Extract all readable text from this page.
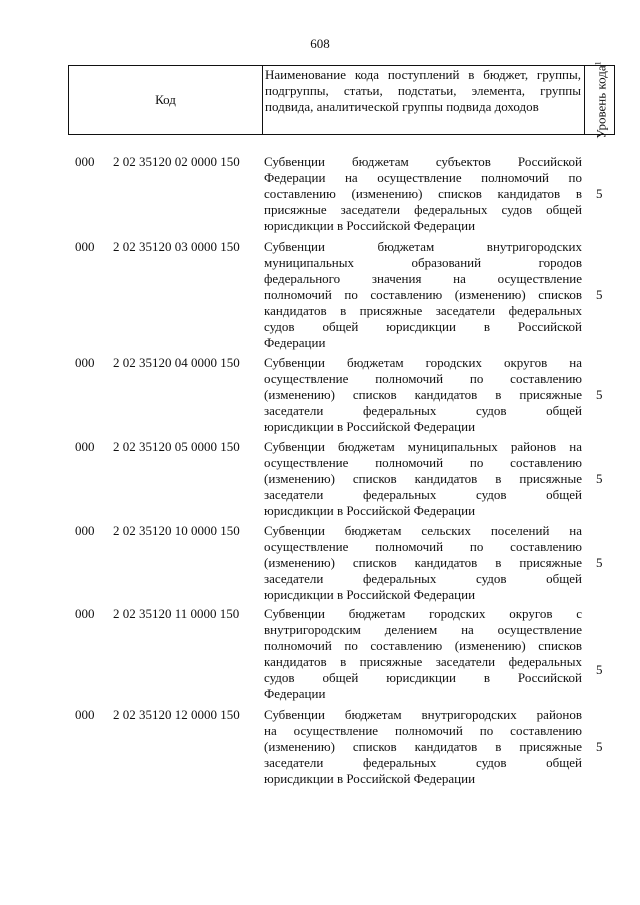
608
Код
Наименование кода поступлений в бюджет, группы, подгруппы, статьи, подстатьи, элемента, группы подвида, аналитической группы подвида доходов	Уровень кода$^1$
000 2 02 35120 02 0000 150 Субвенции бюджетам субъектов Российской
Федерации на осуществление полномочий по
составлению (изменению) списков кандидатов в
присяжные заседатели федеральных судов общей
юрисдикции в Российской Федерации
5
000 2 02 35120 03 0000 150 Субвенции бюджетам внутригородских
муниципальных образований городов
федерального значения на осуществление
полномочий по составлению (изменению) списков
кандидатов в присяжные заседатели федеральных
судов общей юрисдикции в Российской
Федерации
5
000 2 02 35120 04 0000 150 Субвенции бюджетам городских округов на
осуществление полномочий по составлению
(изменению) списков кандидатов в присяжные
заседатели федеральных судов общей
юрисдикции в Российской Федерации
5
000 2 02 35120 05 0000 150 Субвенции бюджетам муниципальных районов на
осуществление полномочий по составлению
(изменению) списков кандидатов в присяжные
заседатели федеральных судов общей
юрисдикции в Российской Федерации
5
000 2 02 35120 10 0000 150 Субвенции бюджетам сельских поселений на
осуществление полномочий по составлению
(изменению) списков кандидатов в присяжные
заседатели федеральных судов общей
юрисдикции в Российской Федерации
5
000 2 02 35120 11 0000 150 Субвенции бюджетам городских округов с
внутригородским делением на осуществление
полномочий по составлению (изменению) списков
кандидатов в присяжные заседатели федеральных
судов общей юрисдикции в Российской
Федерации
5
000 2 02 35120 12 0000 150 Субвенции бюджетам внутригородских районов
на осуществление полномочий по составлению
(изменению) списков кандидатов в присяжные
заседатели федеральных судов общей
юрисдикции в Российской Федерации
5
